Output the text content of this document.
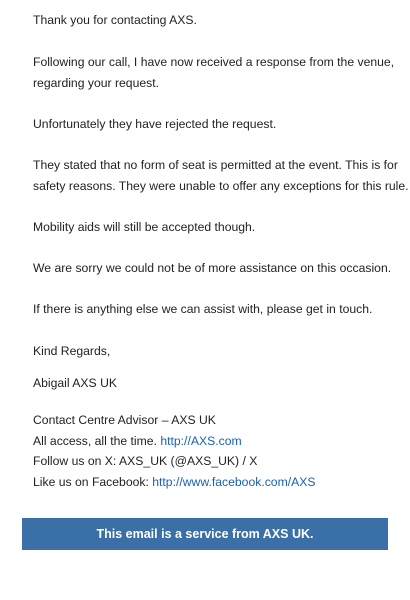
Thank you for contacting AXS.

Following our call, I have now received a response from the venue,
regarding your request.

Unfortunately they have rejected the request.

They stated that no form of seat is permitted at the event. This is for
safety reasons. They were unable to offer any exceptions for this rule.

Mobility aids will still be accepted though.

We are sorry we could not be of more assistance on this occasion.

If there is anything else we can assist with, please get in touch.

Kind Regards,

Abigail AXS UK

Contact Centre Advisor – AXS UK
All access, all the time. http://AXS.com
Follow us on X: AXS_UK (@AXS_UK) / X
Like us on Facebook: http://www.facebook.com/AXS

This email is a service from AXS UK.
